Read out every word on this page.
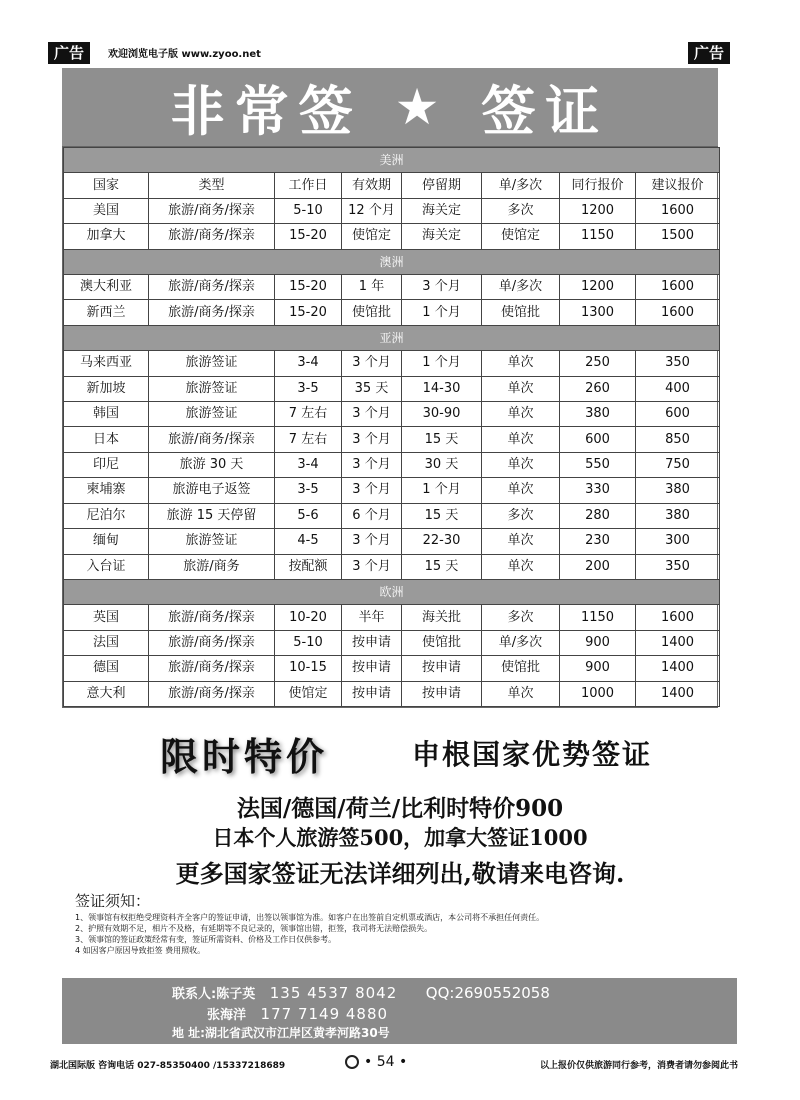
广告	欢迎浏览电子版 www.zyoo.net	广告
非常签 ★ 签证
美洲							
国家	类型	工作日	有效期	停留期	单/多次	同行报价	建议报价
美国	旅游/商务/探亲	5-10	12 个月	海关定	多次	1200	1600
加拿大	旅游/商务/探亲	15-20	使馆定	海关定	使馆定	1150	1500
澳洲							
澳大利亚	旅游/商务/探亲	15-20	1 年	3 个月	单/多次	1200	1600
新西兰	旅游/商务/探亲	15-20	使馆批	1 个月	使馆批	1300	1600
亚洲							
马来西亚	旅游签证	3-4	3 个月	1 个月	单次	250	350
新加坡	旅游签证	3-5	35 天	14-30	单次	260	400
韩国	旅游签证	7 左右	3 个月	30-90	单次	380	600
日本	旅游/商务/探亲	7 左右	3 个月	15 天	单次	600	850
印尼	旅游 30 天	3-4	3 个月	30 天	单次	550	750
柬埔寨	旅游电子返签	3-5	3 个月	1 个月	单次	330	380
尼泊尔	旅游 15 天停留	5-6	6 个月	15 天	多次	280	380
缅甸	旅游签证	4-5	3 个月	22-30	单次	230	300
入台证	旅游/商务	按配额	3 个月	15 天	单次	200	350
欧洲							
英国	旅游/商务/探亲	10-20	半年	海关批	多次	1150	1600
法国	旅游/商务/探亲	5-10	按申请	使馆批	单/多次	900	1400
德国	旅游/商务/探亲	10-15	按申请	按申请	使馆批	900	1400
意大利	旅游/商务/探亲	使馆定	按申请	按申请	单次	1000	1400
限时特价	申根国家优势签证
法国/德国/荷兰/比利时特价900
日本个人旅游签500，加拿大签证1000
更多国家签证无法详细列出,敬请来电咨询.
签证须知：
1、领事馆有权拒绝受理资料齐全客户的签证申请，出签以领事馆为准。如客户在出签前自定机票或酒店，本公司将不承担任何责任。
2、护照有效期不足，相片不及格，有延期等不良记录的，领事馆出错，拒签，我司将无法赔偿损失。
3、领事馆的签证政策经常有变，签证所需资料、价格及工作日仅供参考。
4 如因客户原因导致拒签 费用照收。
联系人:陈子英 135 4537 8042 QQ:2690552058
张海洋 177 7149 4880
地 址:湖北省武汉市江岸区黄孝河路30号
湖北国际版 咨询电话 027-85350400 /15337218689	• 54 •	以上报价仅供旅游同行参考，消费者请勿参阅此书
